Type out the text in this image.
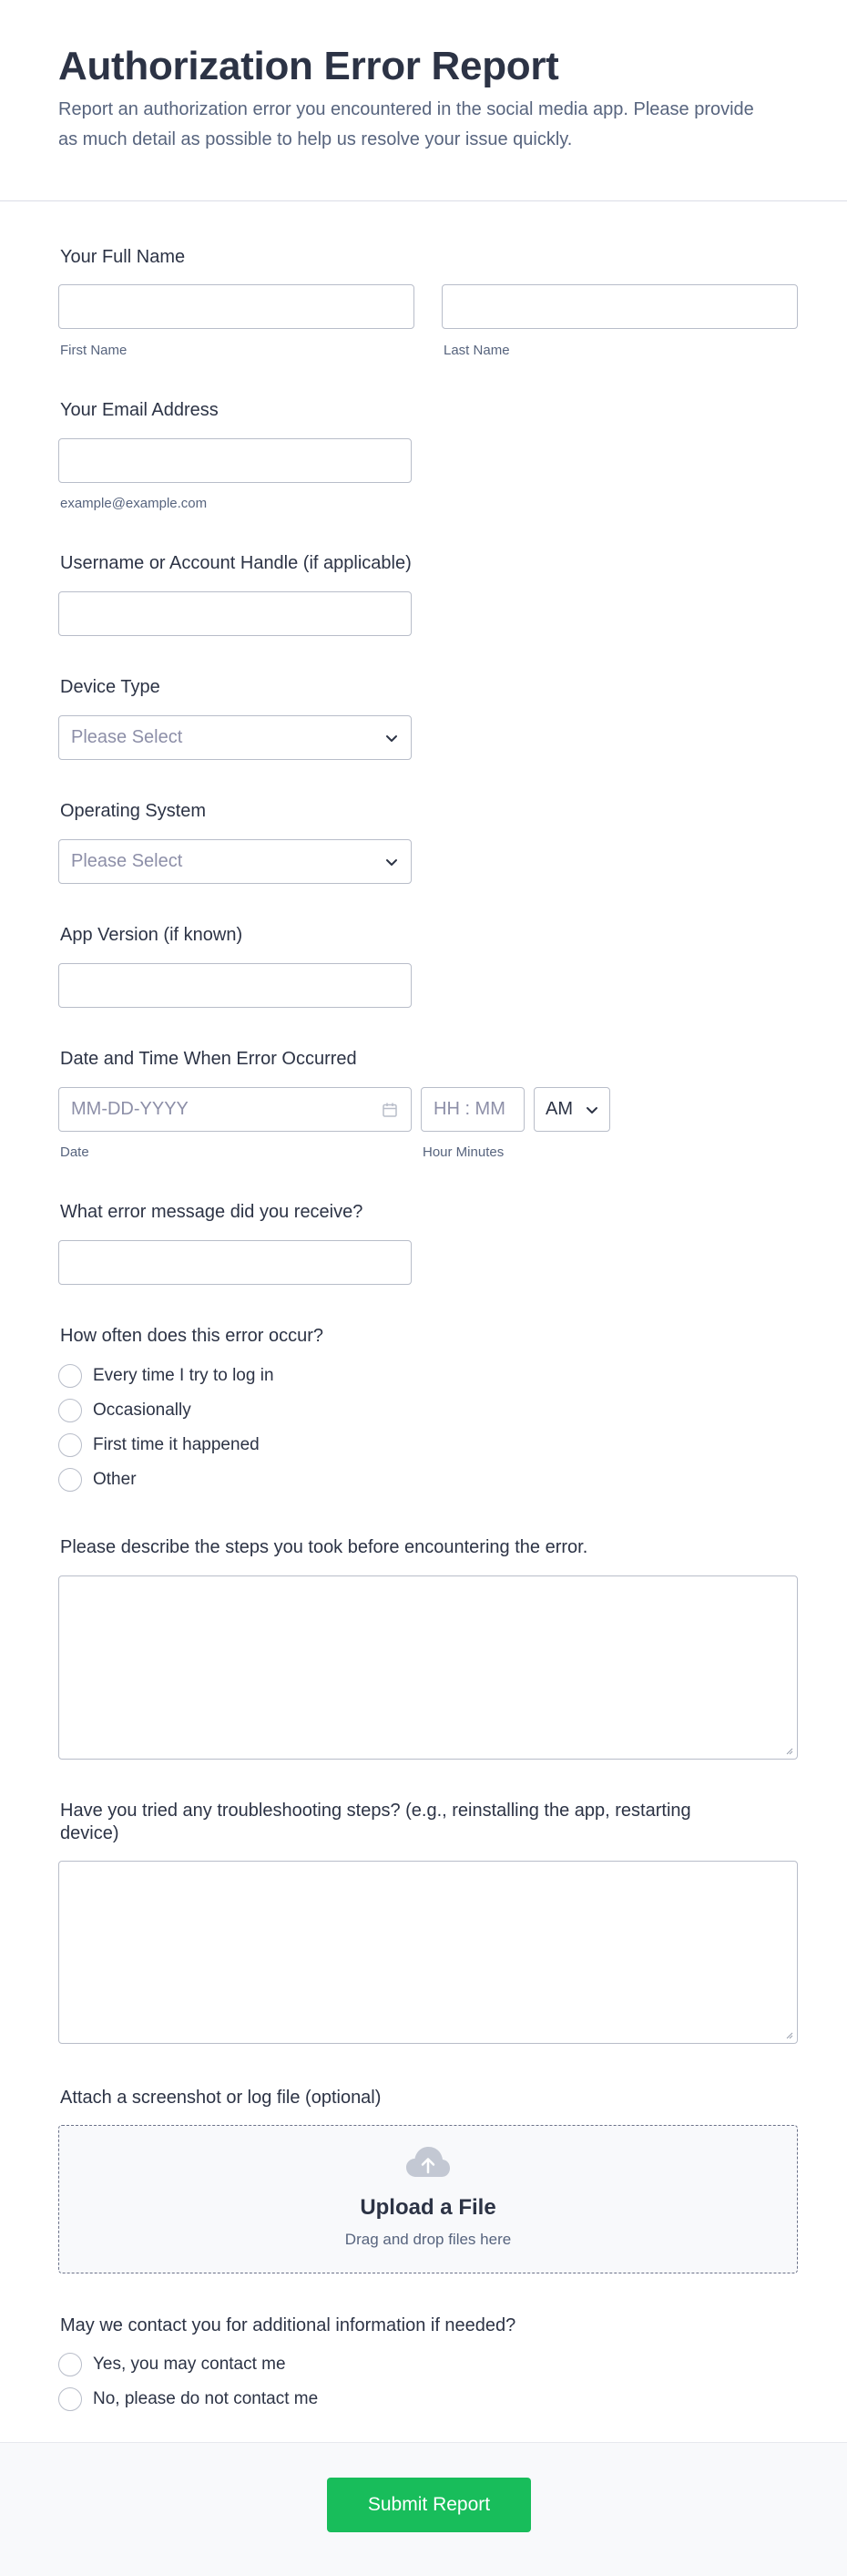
Authorization Error Report

Report an authorization error you encountered in the social media app. Please provide as much detail as possible to help us resolve your issue quickly.

Your Full Name
First Name	Last Name
Your Email Address
example@example.com
Username or Account Handle (if applicable)
Device Type
Please Select
Operating System
Please Select
App Version (if known)
Date and Time When Error Occurred
MM-DD-YYYY	HH : MM AM
Date	Hour Minutes
What error message did you receive?
How often does this error occur?
Every time I try to log in
Occasionally
First time it happened
Other
Please describe the steps you took before encountering the error.
Have you tried any troubleshooting steps? (e.g., reinstalling the app, restarting
device)
Attach a screenshot or log file (optional)
Upload a File
Drag and drop files here
May we contact you for additional information if needed?
Yes, you may contact me
No, please do not contact me
Submit Report
